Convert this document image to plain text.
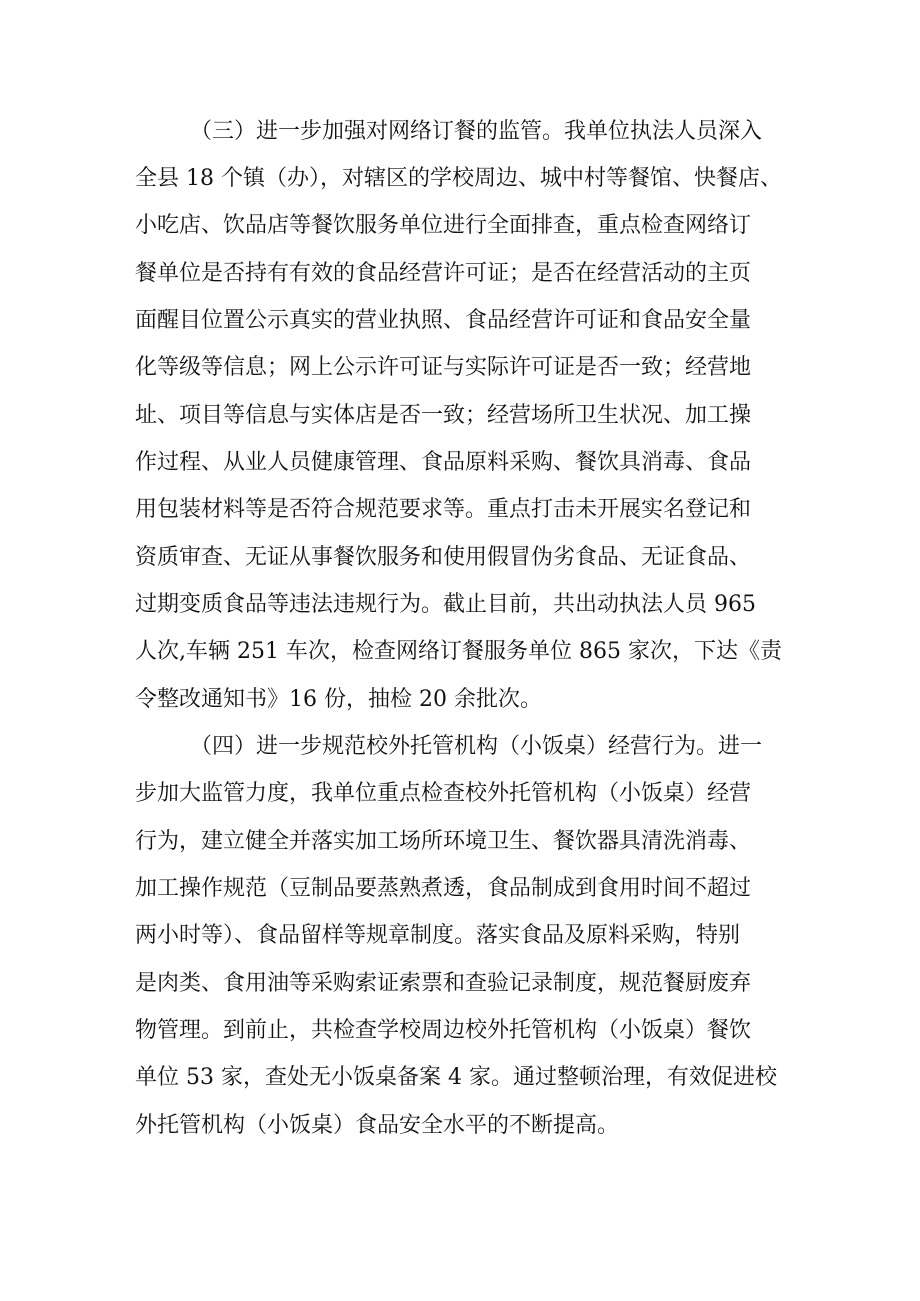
（三）进一步加强对网络订餐的监管。我单位执法人员深入
全县 18 个镇（办），对辖区的学校周边、城中村等餐馆、快餐店、
小吃店、饮品店等餐饮服务单位进行全面排查，重点检查网络订
餐单位是否持有有效的食品经营许可证；是否在经营活动的主页
面醒目位置公示真实的营业执照、食品经营许可证和食品安全量
化等级等信息；网上公示许可证与实际许可证是否一致；经营地
址、项目等信息与实体店是否一致；经营场所卫生状况、加工操
作过程、从业人员健康管理、食品原料采购、餐饮具消毒、食品
用包装材料等是否符合规范要求等。重点打击未开展实名登记和
资质审查、无证从事餐饮服务和使用假冒伪劣食品、无证食品、
过期变质食品等违法违规行为。截止目前，共出动执法人员 965
人次,车辆 251 车次，检查网络订餐服务单位 865 家次，下达《责
令整改通知书》16 份，抽检 20 余批次。
（四）进一步规范校外托管机构（小饭桌）经营行为。进一
步加大监管力度，我单位重点检查校外托管机构（小饭桌）经营
行为，建立健全并落实加工场所环境卫生、餐饮器具清洗消毒、
加工操作规范（豆制品要蒸熟煮透，食品制成到食用时间不超过
两小时等）、食品留样等规章制度。落实食品及原料采购，特别
是肉类、食用油等采购索证索票和查验记录制度，规范餐厨废弃
物管理。到前止，共检查学校周边校外托管机构（小饭桌）餐饮
单位 53 家，查处无小饭桌备案 4 家。通过整顿治理，有效促进校
外托管机构（小饭桌）食品安全水平的不断提高。
